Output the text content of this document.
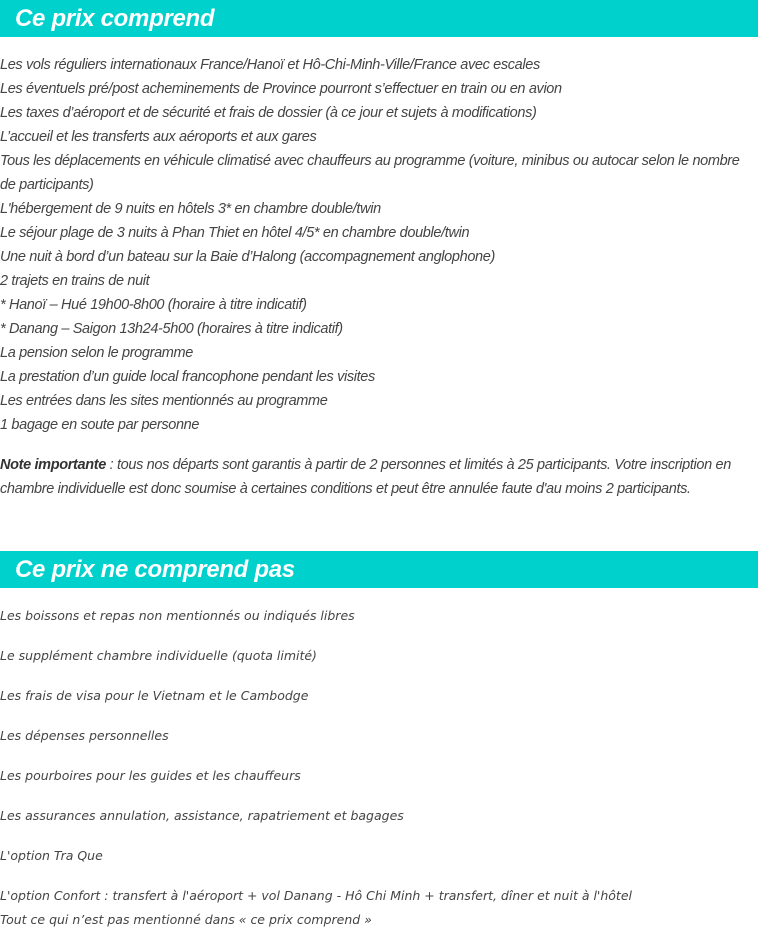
Ce prix comprend
Les vols réguliers internationaux France/Hanoï et Hô-Chi-Minh-Ville/France avec escales
Les éventuels pré/post acheminements de Province pourront s’effectuer en train ou en avion
Les taxes d’aéroport et de sécurité et frais de dossier (à ce jour et sujets à modifications)
L’accueil et les transferts aux aéroports et aux gares
Tous les déplacements en véhicule climatisé avec chauffeurs au programme (voiture, minibus ou autocar selon le nombre de participants)
L'hébergement de 9 nuits en hôtels 3* en chambre double/twin
Le séjour plage de 3 nuits à Phan Thiet en hôtel 4/5* en chambre double/twin
Une nuit à bord d’un bateau sur la Baie d’Halong (accompagnement anglophone)
2 trajets en trains de nuit
* Hanoï – Hué 19h00-8h00 (horaire à titre indicatif)
* Danang – Saigon 13h24-5h00 (horaires à titre indicatif)
La pension selon le programme
La prestation d’un guide local francophone pendant les visites
Les entrées dans les sites mentionnés au programme
1 bagage en soute par personne
Note importante : tous nos départs sont garantis à partir de 2 personnes et limités à 25 participants. Votre inscription en chambre individuelle est donc soumise à certaines conditions et peut être annulée faute d'au moins 2 participants.
Ce prix ne comprend pas
Les boissons et repas non mentionnés ou indiqués libres
Le supplément chambre individuelle (quota limité)
Les frais de visa pour le Vietnam et le Cambodge
Les dépenses personnelles
Les pourboires pour les guides et les chauffeurs
Les assurances annulation, assistance, rapatriement et bagages
L'option Tra Que
L'option Confort : transfert à l'aéroport + vol Danang - Hô Chi Minh + transfert, dîner et nuit à l'hôtel
Tout ce qui n’est pas mentionné dans « ce prix comprend »
